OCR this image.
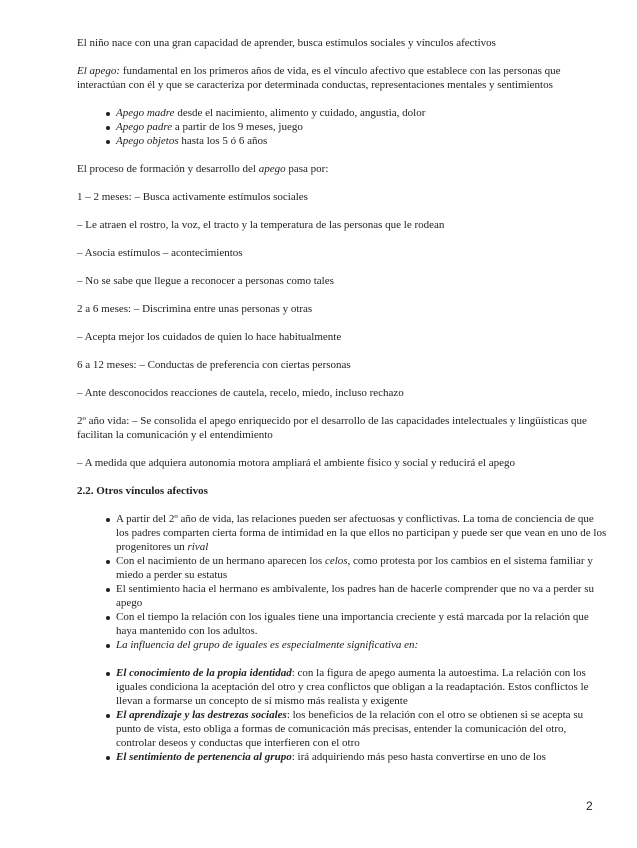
El niño nace con una gran capacidad de aprender, busca estímulos sociales y vínculos afectivos

El apego: fundamental en los primeros años de vida, es el vínculo afectivo que establece con las personas que interactúan con él y que se caracteriza por determinada conductas, representaciones mentales y sentimientos

Apego madre desde el nacimiento, alimento y cuidado, angustia, dolor
Apego padre a partir de los 9 meses, juego
Apego objetos hasta los 5 ó 6 años

El proceso de formación y desarrollo del apego pasa por:

1 – 2 meses: – Busca activamente estímulos sociales

– Le atraen el rostro, la voz, el tracto y la temperatura de las personas que le rodean

– Asocia estímulos – acontecimientos

– No se sabe que llegue a reconocer a personas como tales

2 a 6 meses: – Discrimina entre unas personas y otras

– Acepta mejor los cuidados de quien lo hace habitualmente

6 a 12 meses: – Conductas de preferencia con ciertas personas

– Ante desconocidos reacciones de cautela, recelo, miedo, incluso rechazo

2º año vida: – Se consolida el apego enriquecido por el desarrollo de las capacidades intelectuales y lingüísticas que facilitan la comunicación y el entendimiento

– A medida que adquiera autonomía motora ampliará el ambiente físico y social y reducirá el apego

2.2. Otros vínculos afectivos
A partir del 2º año de vida, las relaciones pueden ser afectuosas y conflictivas. La toma de conciencia de que los padres comparten cierta forma de intimidad en la que ellos no participan y puede ser que vean en uno de los progenitores un rival
Con el nacimiento de un hermano aparecen los celos, como protesta por los cambios en el sistema familiar y miedo a perder su estatus
El sentimiento hacia el hermano es ambivalente, los padres han de hacerle comprender que no va a perder su apego
Con el tiempo la relación con los iguales tiene una importancia creciente y está marcada por la relación que haya mantenido con los adultos.
La influencia del grupo de iguales es especialmente significativa en:
El conocimiento de la propia identidad: con la figura de apego aumenta la autoestima. La relación con los iguales condiciona la aceptación del otro y crea conflictos que obligan a la readaptación. Estos conflictos le llevan a formarse un concepto de sí mismo más realista y exigente
El aprendizaje y las destrezas sociales: los beneficios de la relación con el otro se obtienen si se acepta su punto de vista, esto obliga a formas de comunicación más precisas, entender la comunicación del otro, controlar deseos y conductas que interfieren con el otro
El sentimiento de pertenencia al grupo: irá adquiriendo más peso hasta convertirse en uno de los
2
